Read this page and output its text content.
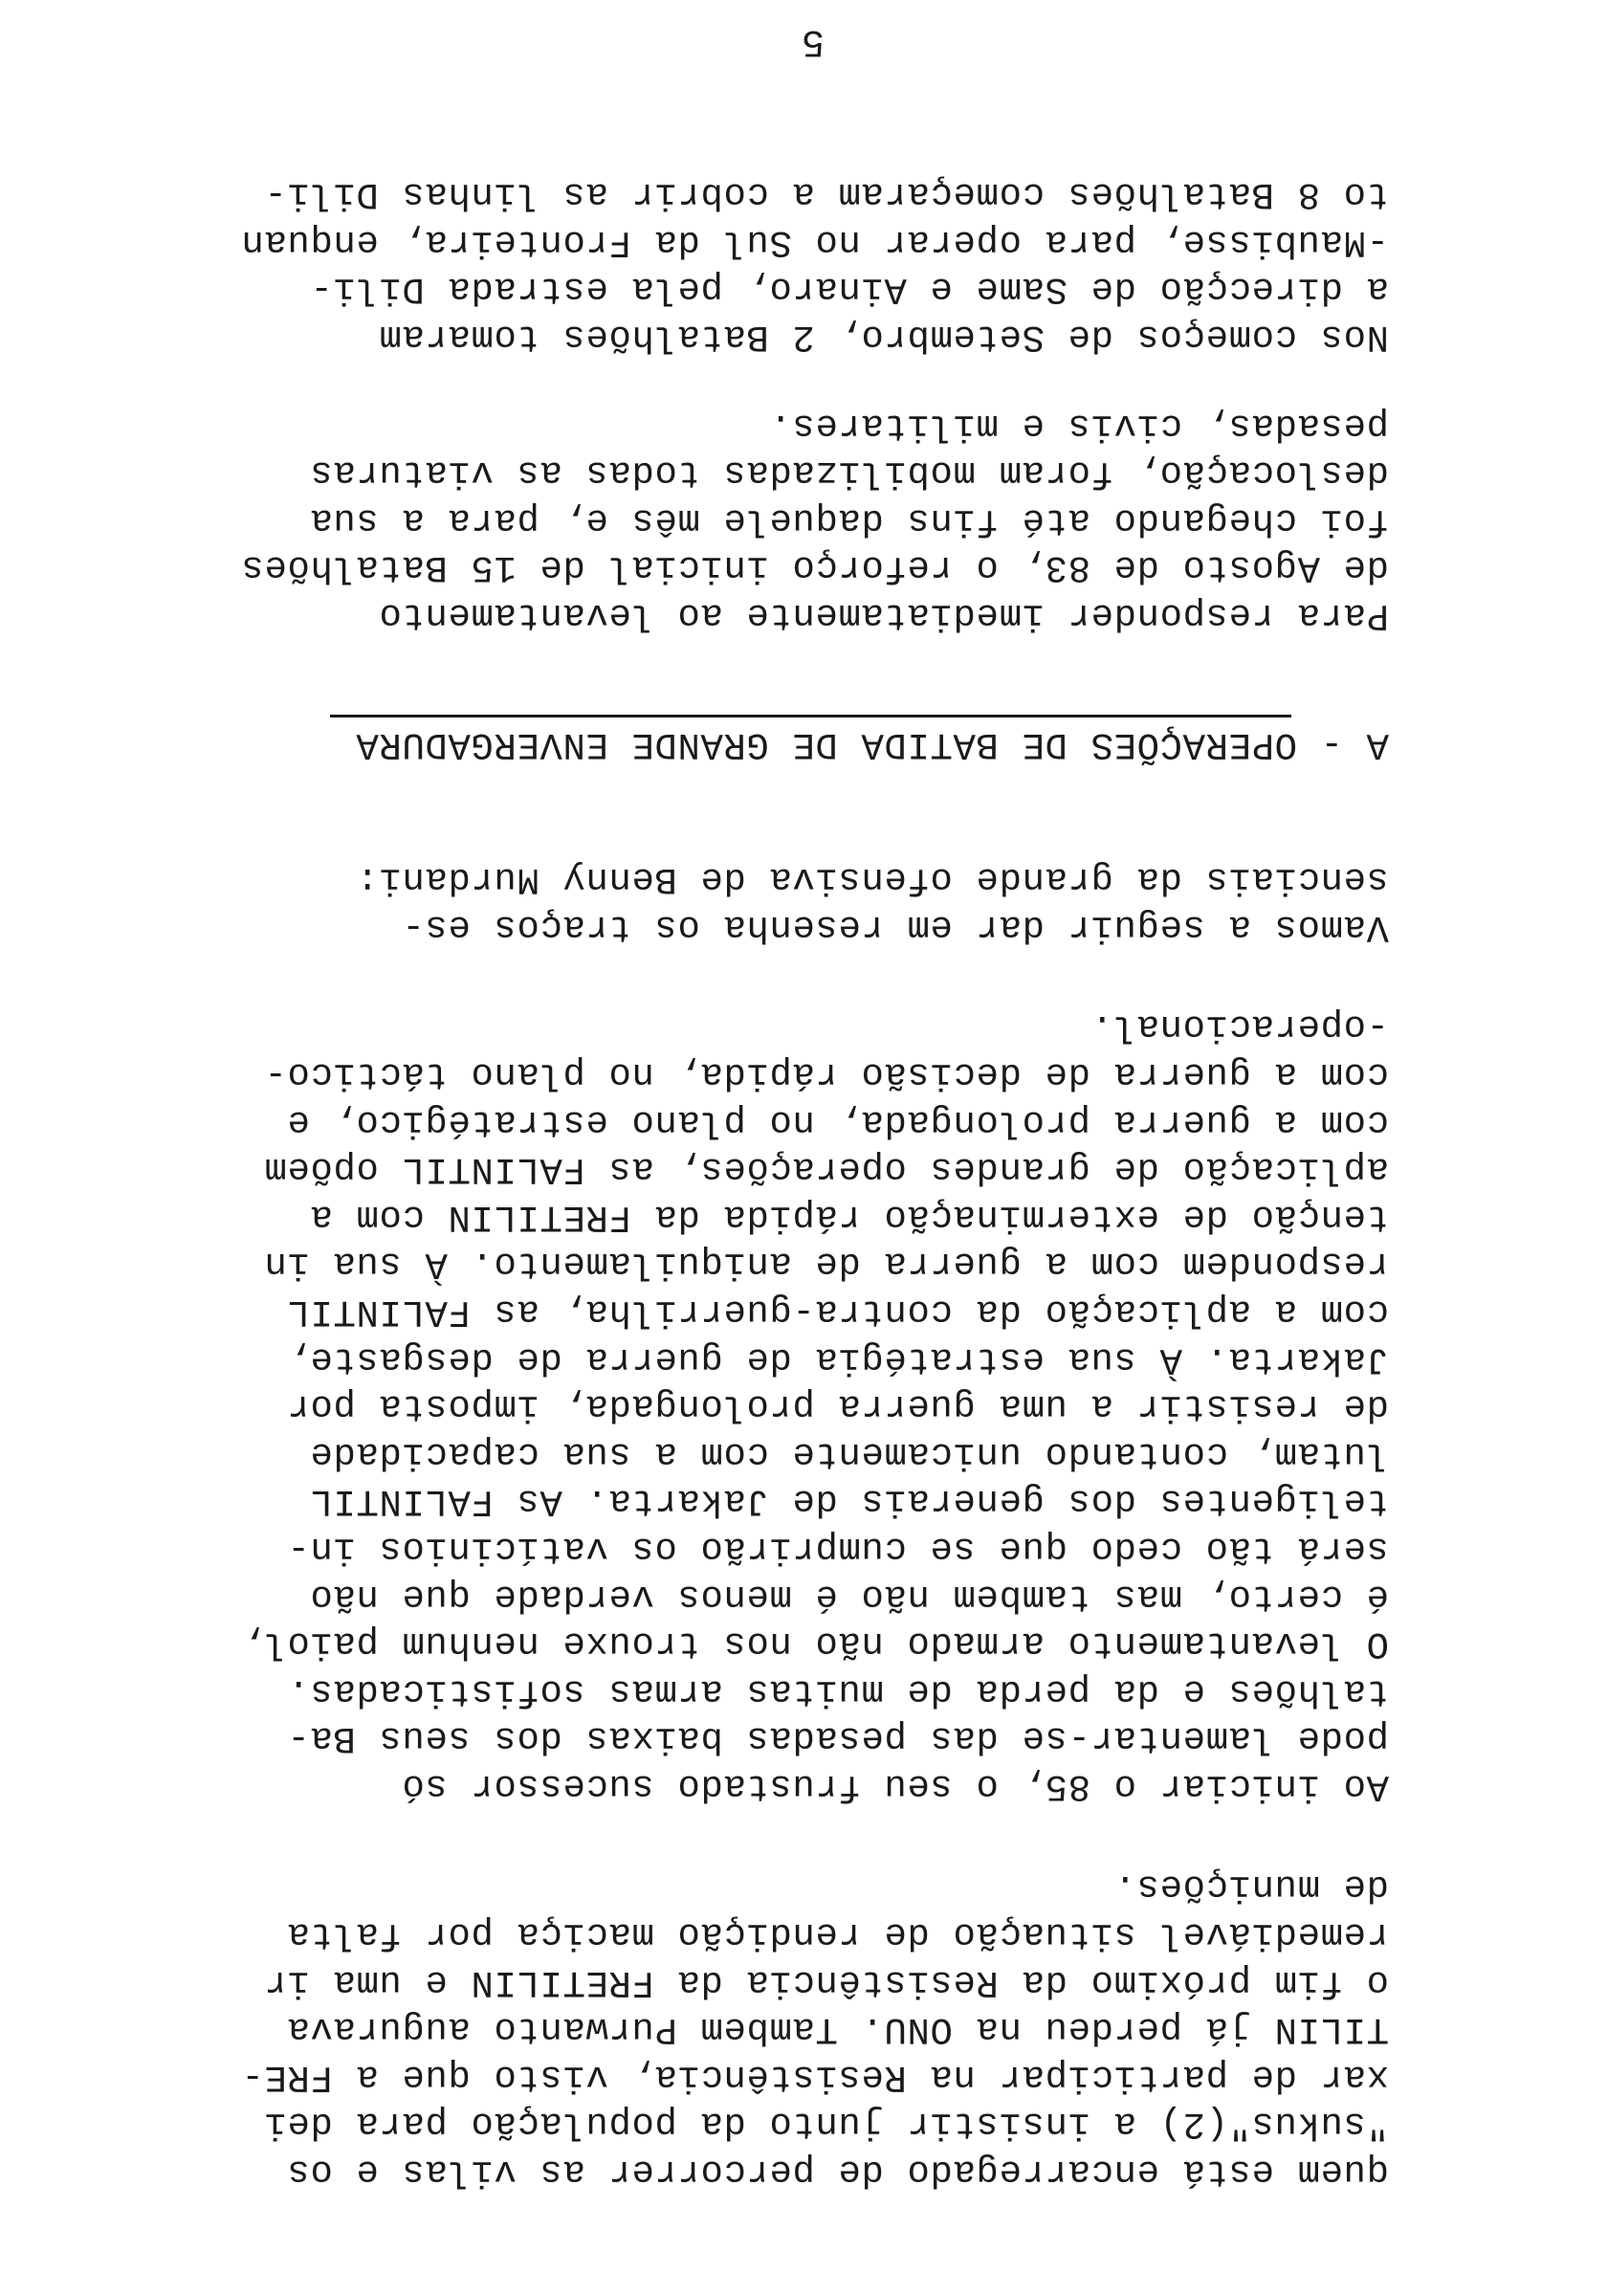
quem está encarregado de percorrer as vilas e os
"sukus"(2) a insistir junto da população para dei
xar de participar na Resistência, visto que a FRE-
TILIN já perdeu na ONU. Tambem Purwanto augurava
o fim próximo da Resistência da FRETILIN e uma ir
remediável situação de rendição maciça por falta
de munições.
Ao iniciar o 85, o seu frustado sucessor só
pode lamentar-se das pesadas baixas dos seus Ba-
talhões e da perda de muitas armas sofisticadas.
O levantamento armado não nos trouxe nenhum paiol,
é certo, mas tambem não é menos verdade que não
será tão cedo que se cumprirão os vatícinios in-
teligentes dos generais de Jakarta. As FALINTIL
lutam, contando unicamente com a sua capacidade
de resistir a uma guerra prolongada, imposta por
Jakarta. À sua estratégia de guerra de desgaste,
com a aplicação da contra-guerrilha, as FALINTIL
respondem com a guerra de aniquilamento. À sua in
tenção de exterminação rápida da FRETILIN com a
aplicação de grandes operações, as FALINTIL opõem
com a guerra prolongada, no plano estratégico, e
com a guerra de decisão rápida, no plano táctico-
-operacional.
Vamos a seguir dar em resenha os traços es-
senciais da grande ofensiva de Benny Murdani:
A - OPERAÇÕES DE BATIDA DE GRANDE ENVERGADURA
Para responder imediatamente ao levantamento
de Agosto de 83, o reforço inicial de 15 Batalhões
foi chegando até fins daquele mês e, para a sua
deslocação, foram mobilizadas todas as viaturas
pesadas, civis e militares.
Nos começos de Setembro, 2 Batalhões tomaram
a direcção de Same e Ainaro, pela estrada Dili-
-Maubisse, para operar no Sul da Fronteira, enquan
to 8 Batalhões começaram a cobrir as linhas Dili-
5
